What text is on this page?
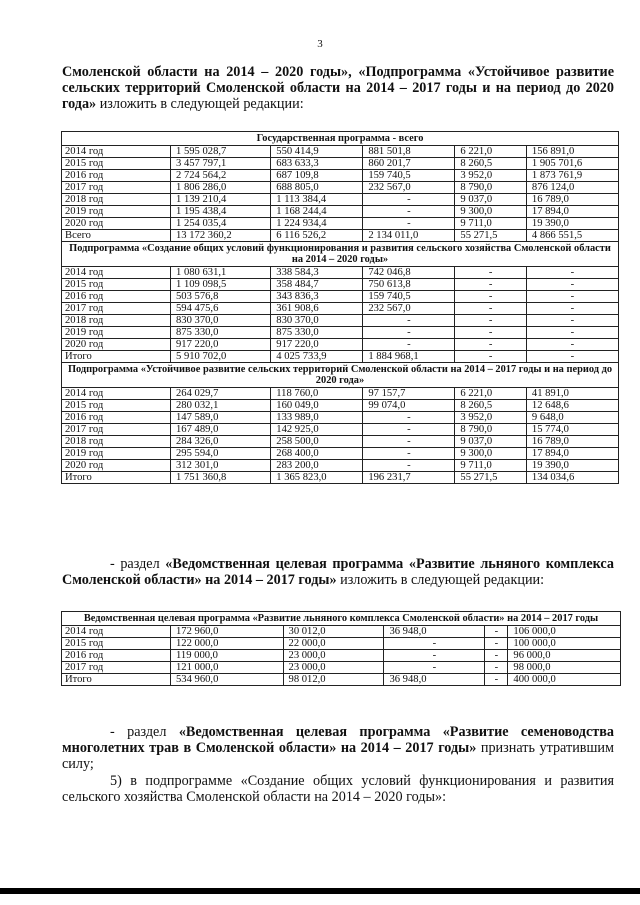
3
Смоленской области на 2014 – 2020 годы», «Подпрограмма «Устойчивое развитие сельских территорий Смоленской области на 2014 – 2017 годы и на период до 2020 года» изложить в следующей редакции:
Государственная программа - всего					
2014 год	1 595 028,7	550 414,9	881 501,8	6 221,0	156 891,0
2015 год	3 457 797,1	683 633,3	860 201,7	8 260,5	1 905 701,6
2016 год	2 724 564,2	687 109,8	159 740,5	3 952,0	1 873 761,9
2017 год	1 806 286,0	688 805,0	232 567,0	8 790,0	876 124,0
2018 год	1 139 210,4	1 113 384,4	-	9 037,0	16 789,0
2019 год	1 195 438,4	1 168 244,4	-	9 300,0	17 894,0
2020 год	1 254 035,4	1 224 934,4	-	9 711,0	19 390,0
Всего	13 172 360,2	6 116 526,2	2 134 011,0	55 271,5	4 866 551,5
Подпрограмма «Создание общих условий функционирования и развития сельского хозяйства Смоленской области на 2014 – 2020 годы»					
2014 год	1 080 631,1	338 584,3	742 046,8	-	-
2015 год	1 109 098,5	358 484,7	750 613,8	-	-
2016 год	503 576,8	343 836,3	159 740,5	-	-
2017 год	594 475,6	361 908,6	232 567,0	-	-
2018 год	830 370,0	830 370,0	-	-	-
2019 год	875 330,0	875 330,0	-	-	-
2020 год	917 220,0	917 220,0	-	-	-
Итого	5 910 702,0	4 025 733,9	1 884 968,1	-	-
Подпрограмма «Устойчивое развитие сельских территорий Смоленской области на 2014 – 2017 годы и на период до 2020 года»					
2014 год	264 029,7	118 760,0	97 157,7	6 221,0	41 891,0
2015 год	280 032,1	160 049,0	99 074,0	8 260,5	12 648,6
2016 год	147 589,0	133 989,0	-	3 952,0	9 648,0
2017 год	167 489,0	142 925,0	-	8 790,0	15 774,0
2018 год	284 326,0	258 500,0	-	9 037,0	16 789,0
2019 год	295 594,0	268 400,0	-	9 300,0	17 894,0
2020 год	312 301,0	283 200,0	-	9 711,0	19 390,0
Итого	1 751 360,8	1 365 823,0	196 231,7	55 271,5	134 034,6
- раздел «Ведомственная целевая программа «Развитие льняного комплекса Смоленской области» на 2014 – 2017 годы» изложить в следующей редакции:
Ведомственная целевая программа «Развитие льняного комплекса Смоленской области» на 2014 – 2017 годы					
2014 год	172 960,0	30 012,0	36 948,0	-	106 000,0
2015 год	122 000,0	22 000,0	-	-	100 000,0
2016 год	119 000,0	23 000,0	-	-	96 000,0
2017 год	121 000,0	23 000,0	-	-	98 000,0
Итого	534 960,0	98 012,0	36 948,0	-	400 000,0
- раздел «Ведомственная целевая программа «Развитие семеноводства многолетних трав в Смоленской области» на 2014 – 2017 годы» признать утратившим силу;
5) в подпрограмме «Создание общих условий функционирования и развития сельского хозяйства Смоленской области на 2014 – 2020 годы»:
